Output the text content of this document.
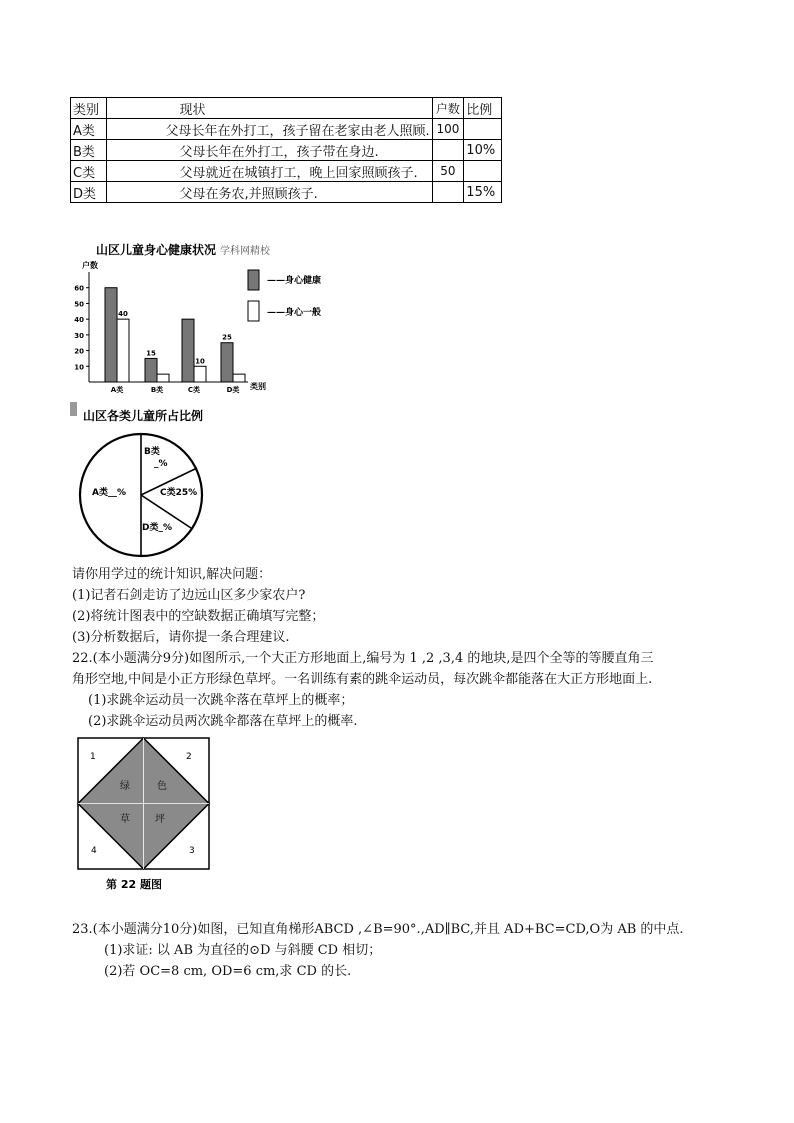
类别	现状	户数	比例
A类	父母长年在外打工，孩子留在老家由老人照顾.	100	
B类	父母长年在外打工，孩子带在身边.		10%
C类	父母就近在城镇打工，晚上回家照顾孩子.	50	
D类	父母在务农,并照顾孩子.		15%
山区儿童身心健康状况 学科网精校
户数
类别
10
20
30
40
50
60
A类	B类	C类	D类
40
15
10
25
——身心健康
——身心一般
山区各类儿童所占比例
B类
_%
C类25%
D类_%
A类__%
请你用学过的统计知识,解决问题：
(1)记者石剑走访了边远山区多少家农户?
(2)将统计图表中的空缺数据正确填写完整；
(3)分析数据后，请你提一条合理建议.
22.(本小题满分9分)如图所示,一个大正方形地面上,编号为 1 ,2 ,3,4 的地块,是四个全等的等腰直角三
角形空地,中间是小正方形绿色草坪。一名训练有素的跳伞运动员，每次跳伞都能落在大正方形地面上.
(1)求跳伞运动员一次跳伞落在草坪上的概率；
(2)求跳伞运动员两次跳伞都落在草坪上的概率.
1	2
3
4
绿	色
草	坪
第 22 题图
23.(本小题满分10分)如图，已知直角梯形ABCD ,∠B=90°.,AD∥BC,并且 AD+BC=CD,O为 AB 的中点.
(1)求证: 以 AB 为直径的⊙D 与斜腰 CD 相切；
(2)若 OC=8 cm, OD=6 cm,求 CD 的长.
